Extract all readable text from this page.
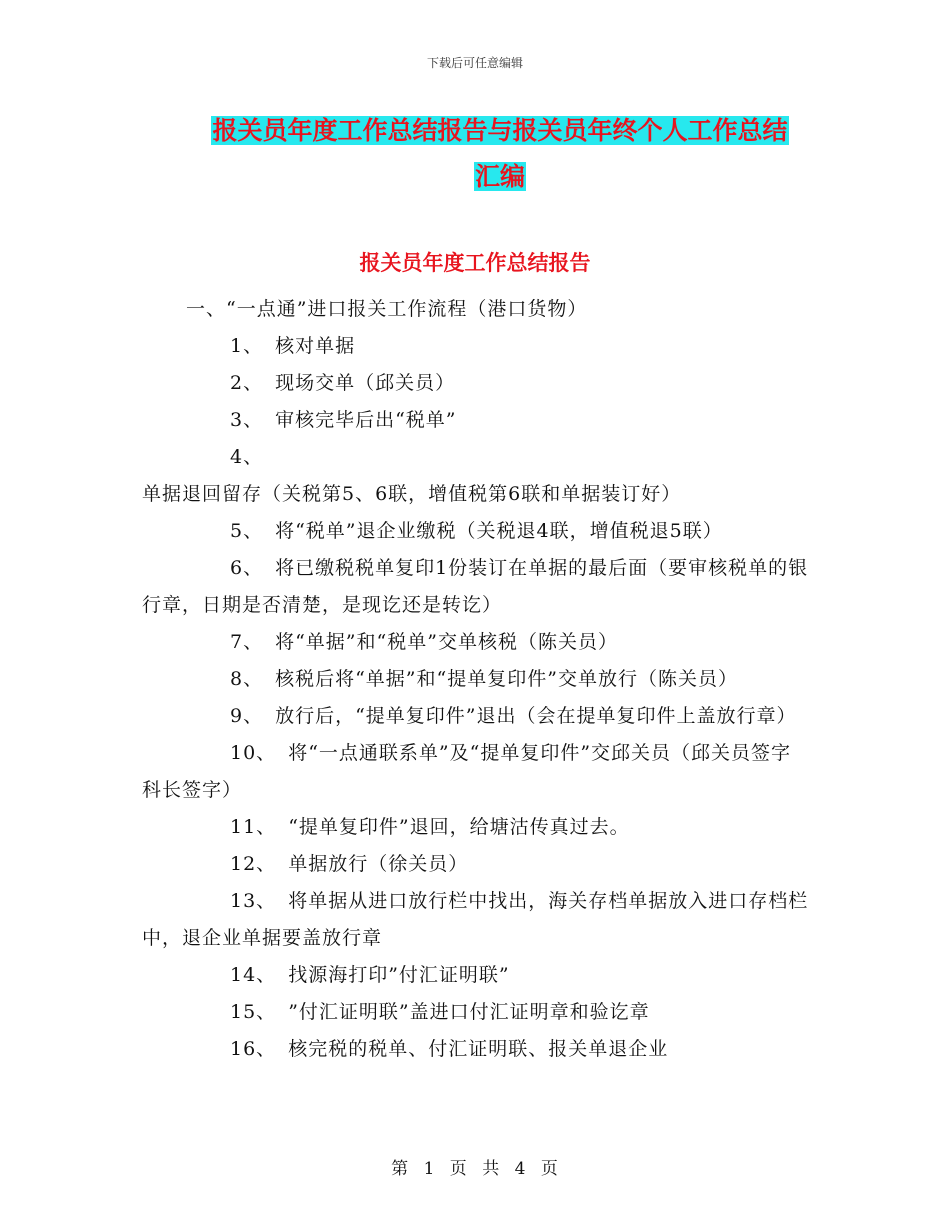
下载后可任意编辑
报关员年度工作总结报告与报关员年终个人工作总结
汇编
报关员年度工作总结报告

一、“一点通”进口报关工作流程（港口货物）

1、 核对单据

2、 现场交单（邱关员）

3、 审核完毕后出“税单”

4、单据退回留存（关税第5、6联，增值税第6联和单据装订好）

5、 将“税单”退企业缴税（关税退4联，增值税退5联）

6、 将已缴税税单复印1份装订在单据的最后面（要审核税单的银行章，日期是否清楚，是现讫还是转讫）

7、 将“单据”和“税单”交单核税（陈关员）

8、 核税后将“单据”和“提单复印件”交单放行（陈关员）

9、 放行后，“提单复印件”退出（会在提单复印件上盖放行章）

10、 将“一点通联系单”及“提单复印件”交邱关员（邱关员签字科长签字）

11、 “提单复印件”退回，给塘沽传真过去。

12、 单据放行（徐关员）

13、 将单据从进口放行栏中找出，海关存档单据放入进口存档栏中，退企业单据要盖放行章

14、 找源海打印”付汇证明联”

15、 ”付汇证明联”盖进口付汇证明章和验讫章

16、 核完税的税单、付汇证明联、报关单退企业

第 1 页 共 4 页
